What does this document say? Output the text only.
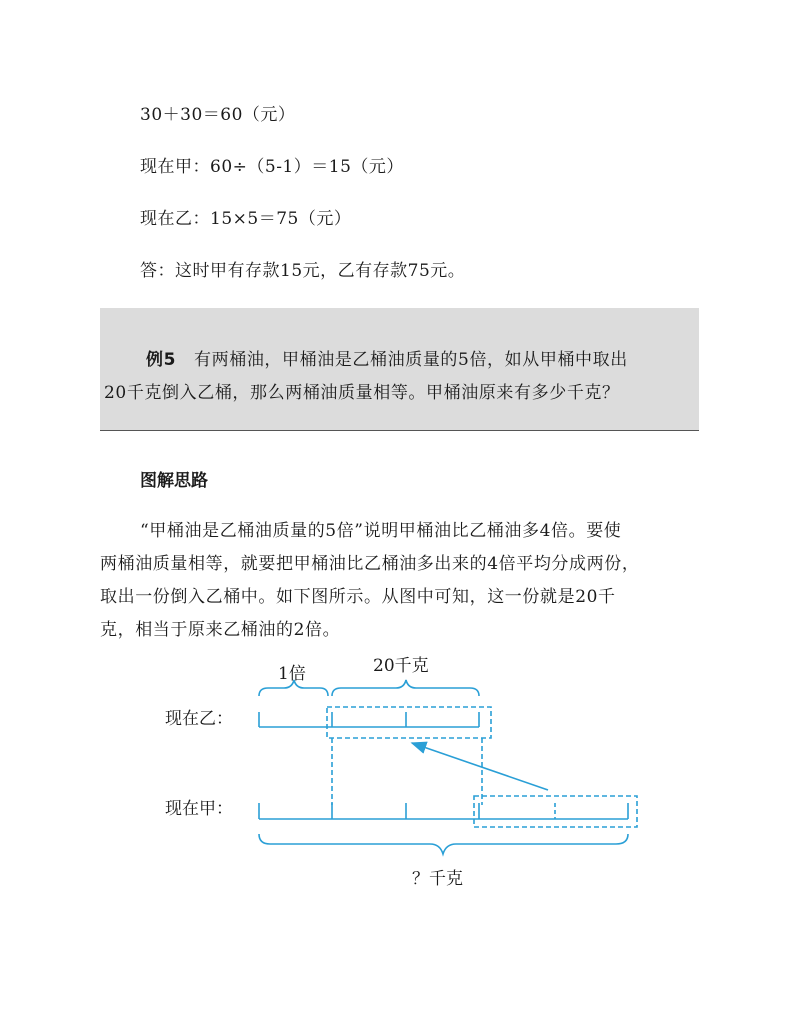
30＋30＝60（元）
现在甲：60÷（5-1）＝15（元）
现在乙：15×5＝75（元）
答：这时甲有存款15元，乙有存款75元。
例5 有两桶油，甲桶油是乙桶油质量的5倍，如从甲桶中取出
20千克倒入乙桶，那么两桶油质量相等。甲桶油原来有多少千克？
图解思路
“甲桶油是乙桶油质量的5倍”说明甲桶油比乙桶油多4倍。要使
两桶油质量相等，就要把甲桶油比乙桶油多出来的4倍平均分成两份，
取出一份倒入乙桶中。如下图所示。从图中可知，这一份就是20千
克，相当于原来乙桶油的2倍。
1倍	20千克
现在乙：
现在甲：
？千克
